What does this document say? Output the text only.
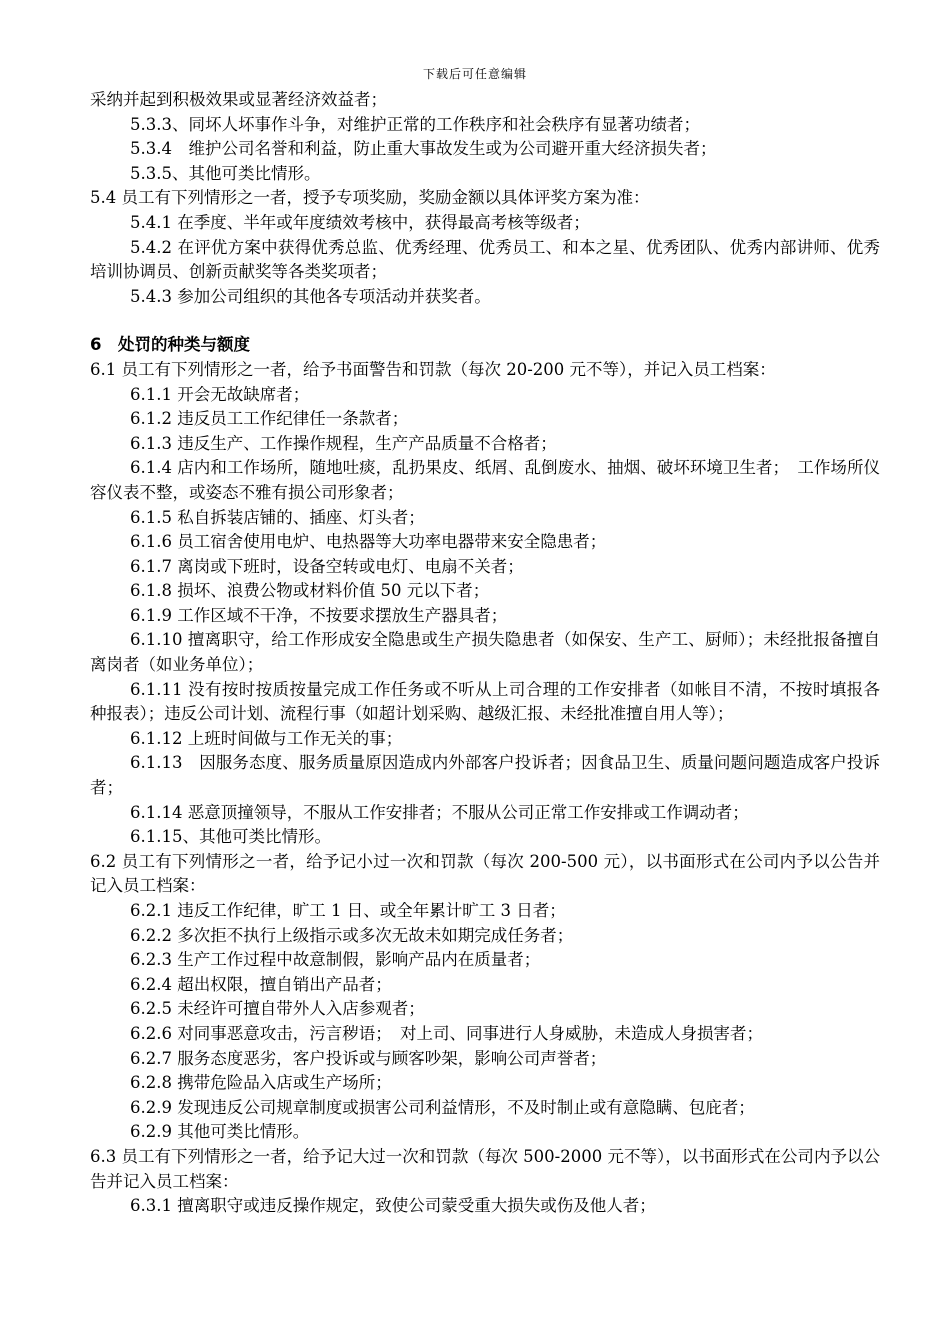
下载后可任意编辑

采纳并起到积极效果或显著经济效益者；

5.3.3、同坏人坏事作斗争，对维护正常的工作秩序和社会秩序有显著功绩者；

5.3.4　维护公司名誉和利益，防止重大事故发生或为公司避开重大经济损失者；

5.3.5、其他可类比情形。

5.4 员工有下列情形之一者，授予专项奖励，奖励金额以具体评奖方案为准：

5.4.1 在季度、半年或年度绩效考核中，获得最高考核等级者；

5.4.2 在评优方案中获得优秀总监、优秀经理、优秀员工、和本之星、优秀团队、优秀内部讲师、优秀培训协调员、创新贡献奖等各类奖项者；

5.4.3 参加公司组织的其他各专项活动并获奖者。

6　处罚的种类与额度

6.1 员工有下列情形之一者，给予书面警告和罚款（每次 20-200 元不等），并记入员工档案：

6.1.1 开会无故缺席者；

6.1.2 违反员工工作纪律任一条款者；

6.1.3 违反生产、工作操作规程，生产产品质量不合格者；

6.1.4 店内和工作场所，随地吐痰，乱扔果皮、纸屑、乱倒废水、抽烟、破坏环境卫生者；　工作场所仪容仪表不整，或姿态不雅有损公司形象者；

6.1.5 私自拆装店铺的、插座、灯头者；

6.1.6 员工宿舍使用电炉、电热器等大功率电器带来安全隐患者；

6.1.7 离岗或下班时，设备空转或电灯、电扇不关者；

6.1.8 损坏、浪费公物或材料价值 50 元以下者；

6.1.9 工作区域不干净，不按要求摆放生产器具者；

6.1.10 擅离职守，给工作形成安全隐患或生产损失隐患者（如保安、生产工、厨师）；未经批报备擅自离岗者（如业务单位）；

6.1.11 没有按时按质按量完成工作任务或不听从上司合理的工作安排者（如帐目不清，不按时填报各种报表）；违反公司计划、流程行事（如超计划采购、越级汇报、未经批准擅自用人等）；

6.1.12 上班时间做与工作无关的事；

6.1.13　因服务态度、服务质量原因造成内外部客户投诉者；因食品卫生、质量问题问题造成客户投诉者；

6.1.14 恶意顶撞领导，不服从工作安排者；不服从公司正常工作安排或工作调动者；

6.1.15、其他可类比情形。

6.2 员工有下列情形之一者，给予记小过一次和罚款（每次 200-500 元），以书面形式在公司内予以公告并记入员工档案：

6.2.1 违反工作纪律，旷工 1 日、或全年累计旷工 3 日者；

6.2.2 多次拒不执行上级指示或多次无故未如期完成任务者；

6.2.3 生产工作过程中故意制假，影响产品内在质量者；

6.2.4 超出权限，擅自销出产品者；

6.2.5 未经许可擅自带外人入店参观者；

6.2.6 对同事恶意攻击，污言秽语；　对上司、同事进行人身威胁，未造成人身损害者；

6.2.7 服务态度恶劣，客户投诉或与顾客吵架，影响公司声誉者；

6.2.8 携带危险品入店或生产场所；

6.2.9 发现违反公司规章制度或损害公司利益情形，不及时制止或有意隐瞒、包庇者；

6.2.9 其他可类比情形。

6.3 员工有下列情形之一者，给予记大过一次和罚款（每次 500-2000 元不等），以书面形式在公司内予以公告并记入员工档案：

6.3.1 擅离职守或违反操作规定，致使公司蒙受重大损失或伤及他人者；
